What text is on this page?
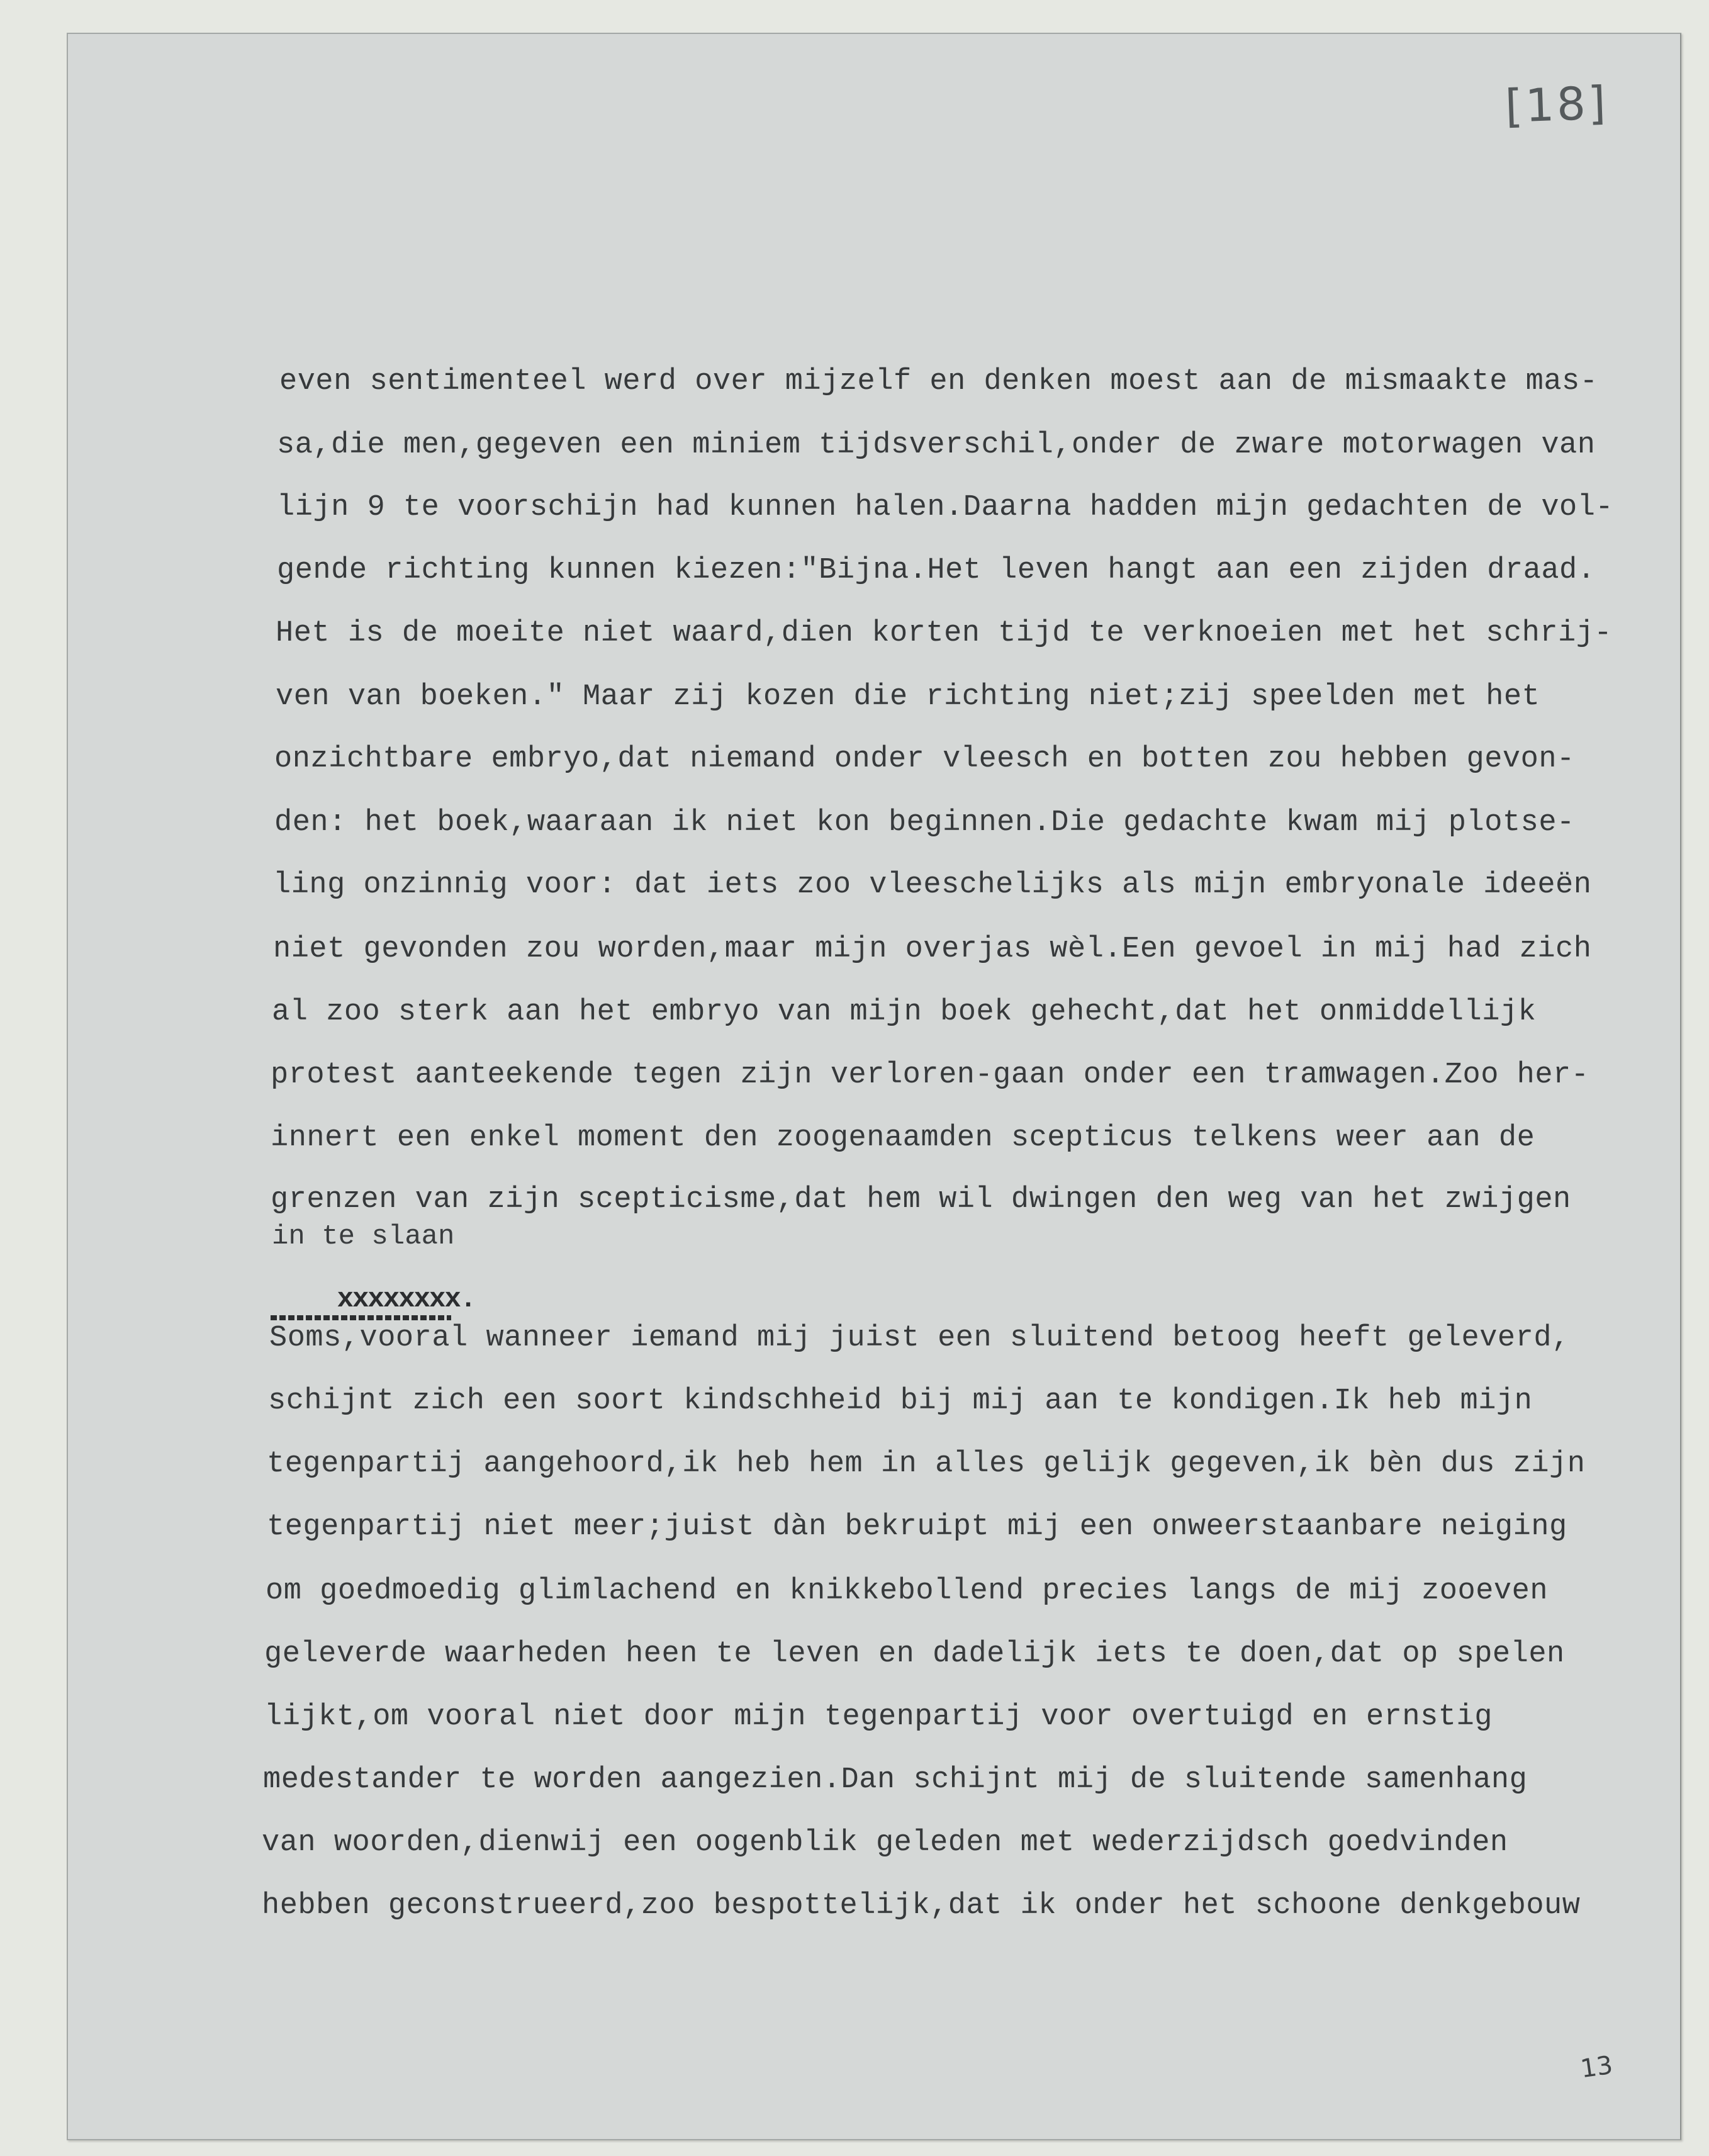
[18]
even sentimenteel werd over mijzelf en denken moest aan de mismaakte mas-
sa,die men,gegeven een miniem tijdsverschil,onder de zware motorwagen van
lijn 9 te voorschijn had kunnen halen.Daarna hadden mijn gedachten de vol-
gende richting kunnen kiezen:"Bijna.Het leven hangt aan een zijden draad.
Het is de moeite niet waard,dien korten tijd te verknoeien met het schrij-
ven van boeken." Maar zij kozen die richting niet;zij speelden met het
onzichtbare embryo,dat niemand onder vleesch en botten zou hebben gevon-
den: het boek,waaraan ik niet kon beginnen.Die gedachte kwam mij plotse-
ling onzinnig voor: dat iets zoo vleeschelijks als mijn embryonale ideeën
niet gevonden zou worden,maar mijn overjas wèl.Een gevoel in mij had zich
al zoo sterk aan het embryo van mijn boek gehecht,dat het onmiddellijk
protest aanteekende tegen zijn verloren-gaan onder een tramwagen.Zoo her-
innert een enkel moment den zoogenaamden scepticus telkens weer aan de
grenzen van zijn scepticisme,dat hem wil dwingen den weg van het zwijgen
in te slaan

xxxxxxxx.

Soms,vooral wanneer iemand mij juist een sluitend betoog heeft geleverd,
schijnt zich een soort kindschheid bij mij aan te kondigen.Ik heb mijn
tegenpartij aangehoord,ik heb hem in alles gelijk gegeven,ik bèn dus zijn
tegenpartij niet meer;juist dàn bekruipt mij een onweerstaanbare neiging
om goedmoedig glimlachend en knikkebollend precies langs de mij zooeven
geleverde waarheden heen te leven en dadelijk iets te doen,dat op spelen
lijkt,om vooral niet door mijn tegenpartij voor overtuigd en ernstig
medestander te worden aangezien.Dan schijnt mij de sluitende samenhang
van woorden,dienwij een oogenblik geleden met wederzijdsch goedvinden
hebben geconstrueerd,zoo bespottelijk,dat ik onder het schoone denkgebouw
13
